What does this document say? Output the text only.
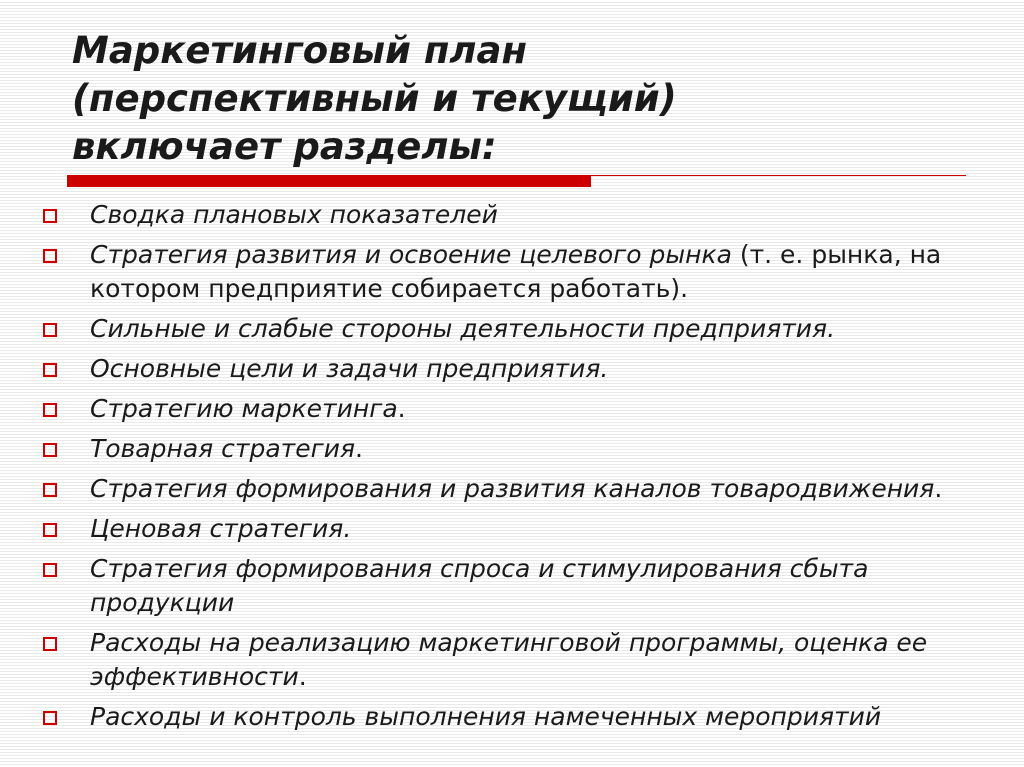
Маркетинговый план
(перспективный и текущий)
включает разделы:
Сводка плановых показателей
Стратегия развития и освоение целевого рынка (т. е. рынка, на котором предприятие собирается работать).
Сильные и слабые стороны деятельности предприятия.
Основные цели и задачи предприятия.
Стратегию маркетинга.
Товарная стратегия.
Стратегия формирования и развития каналов товародвижения.
Ценовая стратегия.
Стратегия формирования спроса и стимулирования сбыта продукции
Расходы на реализацию маркетинговой программы, оценка ее эффективности.
Расходы и контроль выполнения намеченных мероприятий
